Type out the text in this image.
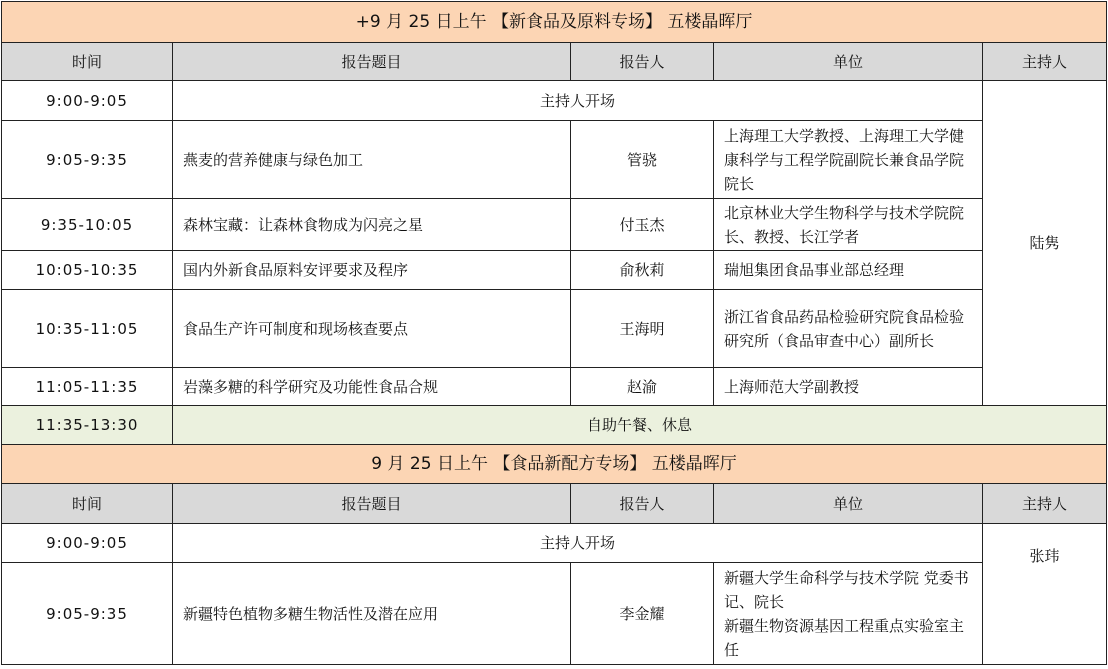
+9 月 25 日上午 【新食品及原料专场】 五楼晶晖厅				
时间	报告题目	报告人	单位	主持人
9:00-9:05	主持人开场			陆隽
9:05-9:35	燕麦的营养健康与绿色加工	管骁	上海理工大学教授、上海理工大学健康科学与工程学院副院长兼食品学院院长	
9:35-10:05	森林宝藏：让森林食物成为闪亮之星	付玉杰	北京林业大学生物科学与技术学院院长、教授、长江学者	
10:05-10:35	国内外新食品原料安评要求及程序	俞秋莉	瑞旭集团食品事业部总经理	
10:35-11:05	食品生产许可制度和现场核查要点	王海明	浙江省食品药品检验研究院食品检验研究所（食品审查中心）副所长	
11:05-11:35	岩藻多糖的科学研究及功能性食品合规	赵渝	上海师范大学副教授	
11:35-13:30	自助午餐、休息			
9 月 25 日上午 【食品新配方专场】 五楼晶晖厅				
时间	报告题目	报告人	单位	主持人
9:00-9:05	主持人开场			张玮
9:05-9:35	新疆特色植物多糖生物活性及潜在应用	李金耀	新疆大学生命科学与技术学院 党委书记、院长
新疆生物资源基因工程重点实验室主任	
